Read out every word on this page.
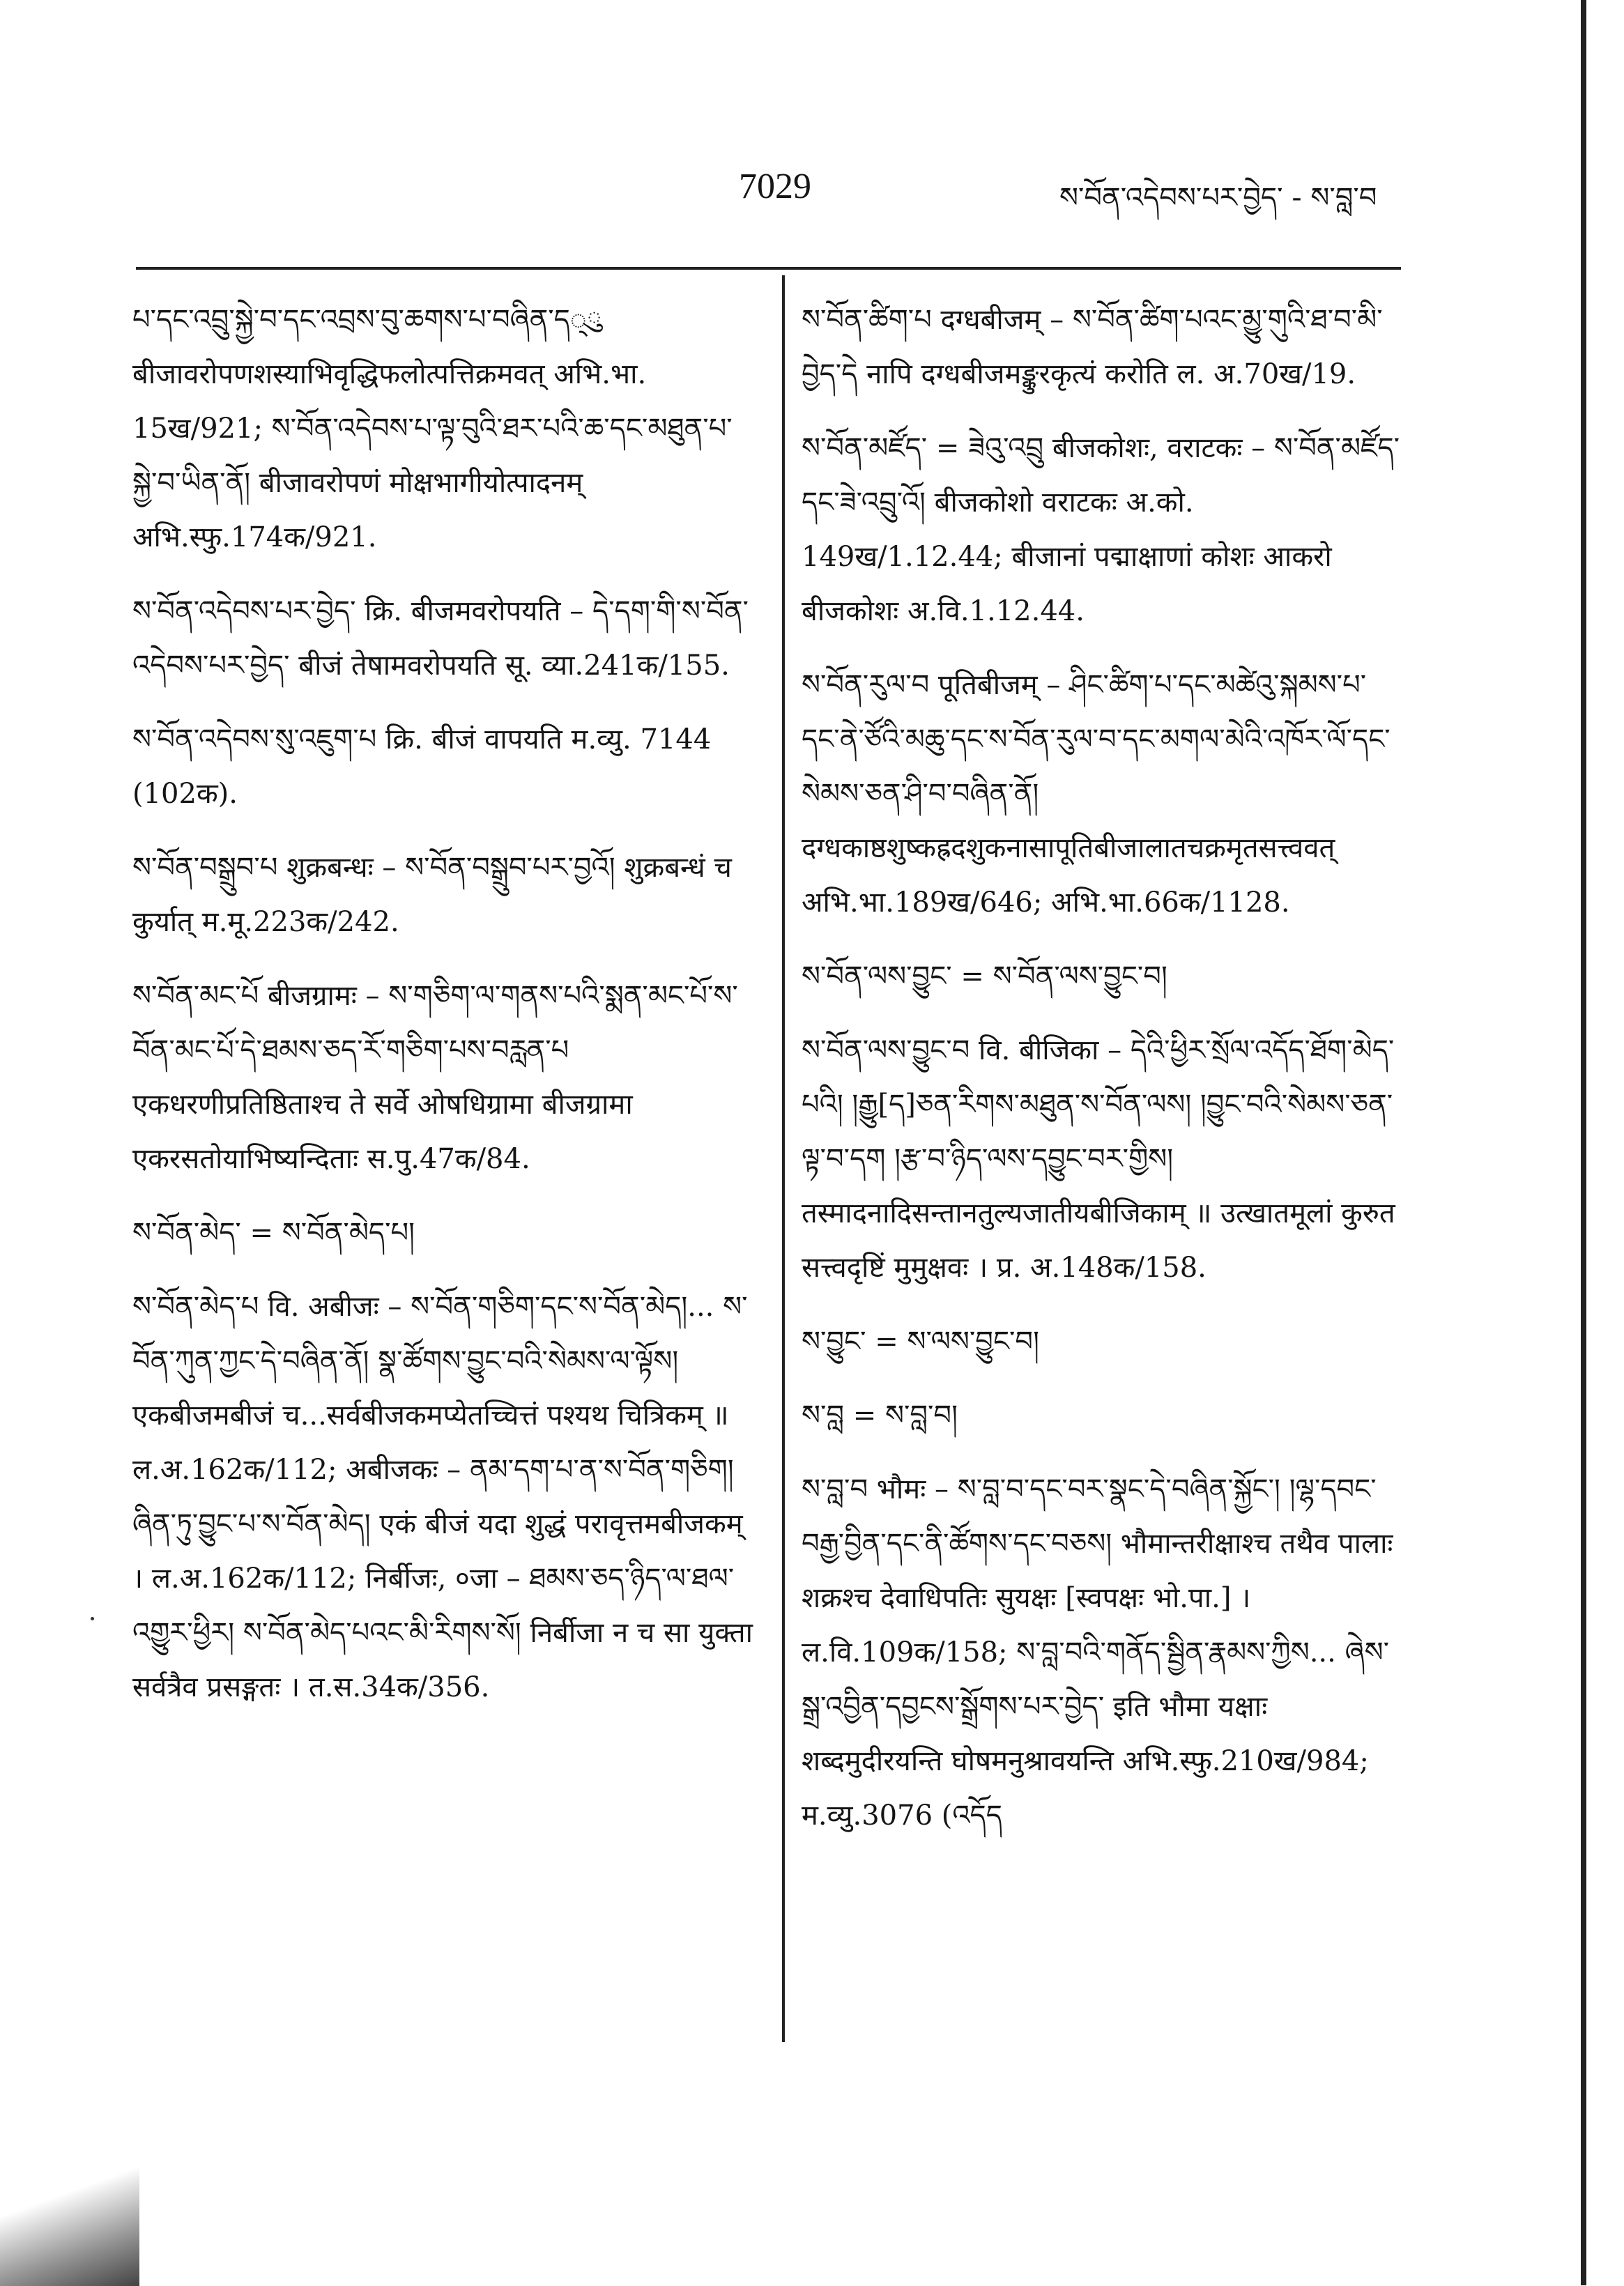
7029	ས་བོན་འདེབས་པར་བྱེད་ - ས་བླ་བ

པ་དང་འབྲུ་སྐྱེ་བ་དང་འབྲས་བུ་ཆགས་པ་བཞིན་ད्ུ बीजावरोपणशस्याभिवृद्धिफलोत्पत्तिक्रमवत् अभि.भा. 15ख/921; ས་བོན་འདེབས་པ་ལྟ་བུའི་ཐར་པའི་ཆ་དང་མཐུན་པ་སྐྱེ་བ་ཡིན་ནོ། बीजावरोपणं मोक्षभागीयोत्पादनम् अभि.स्फु.174क/921.

ས་བོན་འདེབས་པར་བྱེད་ क्रि. बीजमवरोपयति – དེ་དག་གི་ས་བོན་འདེབས་པར་བྱེད་ बीजं तेषामवरोपयति सू. व्या.241क/155.

ས་བོན་འདེབས་སུ་འཇུག་པ क्रि. बीजं वापयति म.व्यु. 7144 (102क).

ས་བོན་བསྒྲུབ་པ शुक्रबन्धः – ས་བོན་བསྒྲུབ་པར་བྱའོ། शुक्रबन्धं च कुर्यात् म.मू.223क/242.

ས་བོན་མང་པོ बीजग्रामः – ས་གཅིག་ལ་གནས་པའི་སྨན་མང་པོ་ས་བོན་མང་པོ་དེ་ཐམས་ཅད་རོ་གཅིག་པས་བརླན་པ एकधरणीप्रतिष्ठिताश्च ते सर्वे ओषधिग्रामा बीजग्रामा एकरसतोयाभिष्यन्दिताः स.पु.47क/84.

ས་བོན་མེད་ = ས་བོན་མེད་པ།

ས་བོན་མེད་པ वि. अबीजः – ས་བོན་གཅིག་དང་ས་བོན་མེད།... ས་བོན་ཀུན་ཀྱང་དེ་བཞིན་ནོ། སྣ་ཚོགས་བྱུང་བའི་སེམས་ལ་ལྟོས། एकबीजमबीजं च...सर्वबीजकमप्येतच्चित्तं पश्यथ चित्रिकम् ॥ ल.अ.162क/112; अबीजकः – ནམ་དག་པ་ན་ས་བོན་གཅིག། ཞིན་ཏུ་བྱུང་པ་ས་བོན་མེད། एकं बीजं यदा शुद्धं परावृत्तमबीजकम् । ल.अ.162क/112; निर्बीजः, ०जा – ཐམས་ཅད་ཉིད་ལ་ཐལ་འགྱུར་ཕྱིར། ས་བོན་མེད་པའང་མི་རིགས་སོ། निर्बीजा न च सा युक्ता सर्वत्रैव प्रसङ्गतः । त.स.34क/356.

ས་བོན་ཚིག་པ दग्धबीजम् – ས་བོན་ཚིག་པའང་མྱུ་གུའི་ཐ་བ་མི་བྱེད་དེ नापि दग्धबीजमङ्कुरकृत्यं करोति ल. अ.70ख/19.

ས་བོན་མཛོད་ = ཟེའུ་འབྲུ बीजकोशः, वराटकः – ས་བོན་མཛོད་དང་ཟེ་འབྲུ་འོ། बीजकोशो वराटकः अ.को. 149ख/1.12.44; बीजानां पद्माक्षाणां कोशः आकरो बीजकोशः अ.वि.1.12.44.

ས་བོན་རུལ་བ पूतिबीजम् – ཤིང་ཚིག་པ་དང་མཚེའུ་སྐམས་པ་དང་ནེ་ཙོའི་མཆུ་དང་ས་བོན་རུལ་བ་དང་མགལ་མེའི་འཁོར་ལོ་དང་སེམས་ཅན་ཤི་བ་བཞིན་ནོ། दग्धकाष्ठशुष्कह्रदशुकनासापूतिबीजालातचक्रमृतसत्त्ववत् अभि.भा.189ख/646; अभि.भा.66क/1128.

ས་བོན་ལས་བྱུང་ = ས་བོན་ལས་བྱུང་བ།

ས་བོན་ལས་བྱུང་བ वि. बीजिका – དེའི་ཕྱིར་སྲོལ་འདོད་ཐོག་མེད་པའི། །རྒྱུ[ད]ཅན་རིགས་མཐུན་ས་བོན་ལས། །བྱུང་བའི་སེམས་ཅན་ལྟ་བ་དག །རྩ་བ་ཉིད་ལས་དབྱུང་བར་གྱིས། तस्मादनादिसन्तानतुल्यजातीयबीजिकाम् ॥ उत्खातमूलां कुरुत सत्त्वदृष्टिं मुमुक्षवः । प्र. अ.148क/158.

ས་བྱུང་ = ས་ལས་བྱུང་བ།

ས་བླ = ས་བླ་བ།

ས་བླ་བ भौमः – ས་བླ་བ་དང་བར་སྣང་དེ་བཞིན་སྐྱོང་། །ལྷ་དབང་བརྒྱ་བྱིན་དང་ནི་ཚོགས་དང་བཅས། भौमान्तरीक्षाश्च तथैव पालाः शक्रश्च देवाधिपतिः सुयक्षः [स्वपक्षः भो.पा.] । ल.वि.109क/158; ས་བླ་བའི་གནོད་སྦྱིན་རྣམས་ཀྱིས... ཞེས་སྒྲ་འབྱིན་དབྱངས་སྒྲོགས་པར་བྱེད་ इति भौमा यक्षाः शब्दमुदीरयन्ति घोषमनुश्रावयन्ति अभि.स्फु.210ख/984; म.व्यु.3076 (འདོད
